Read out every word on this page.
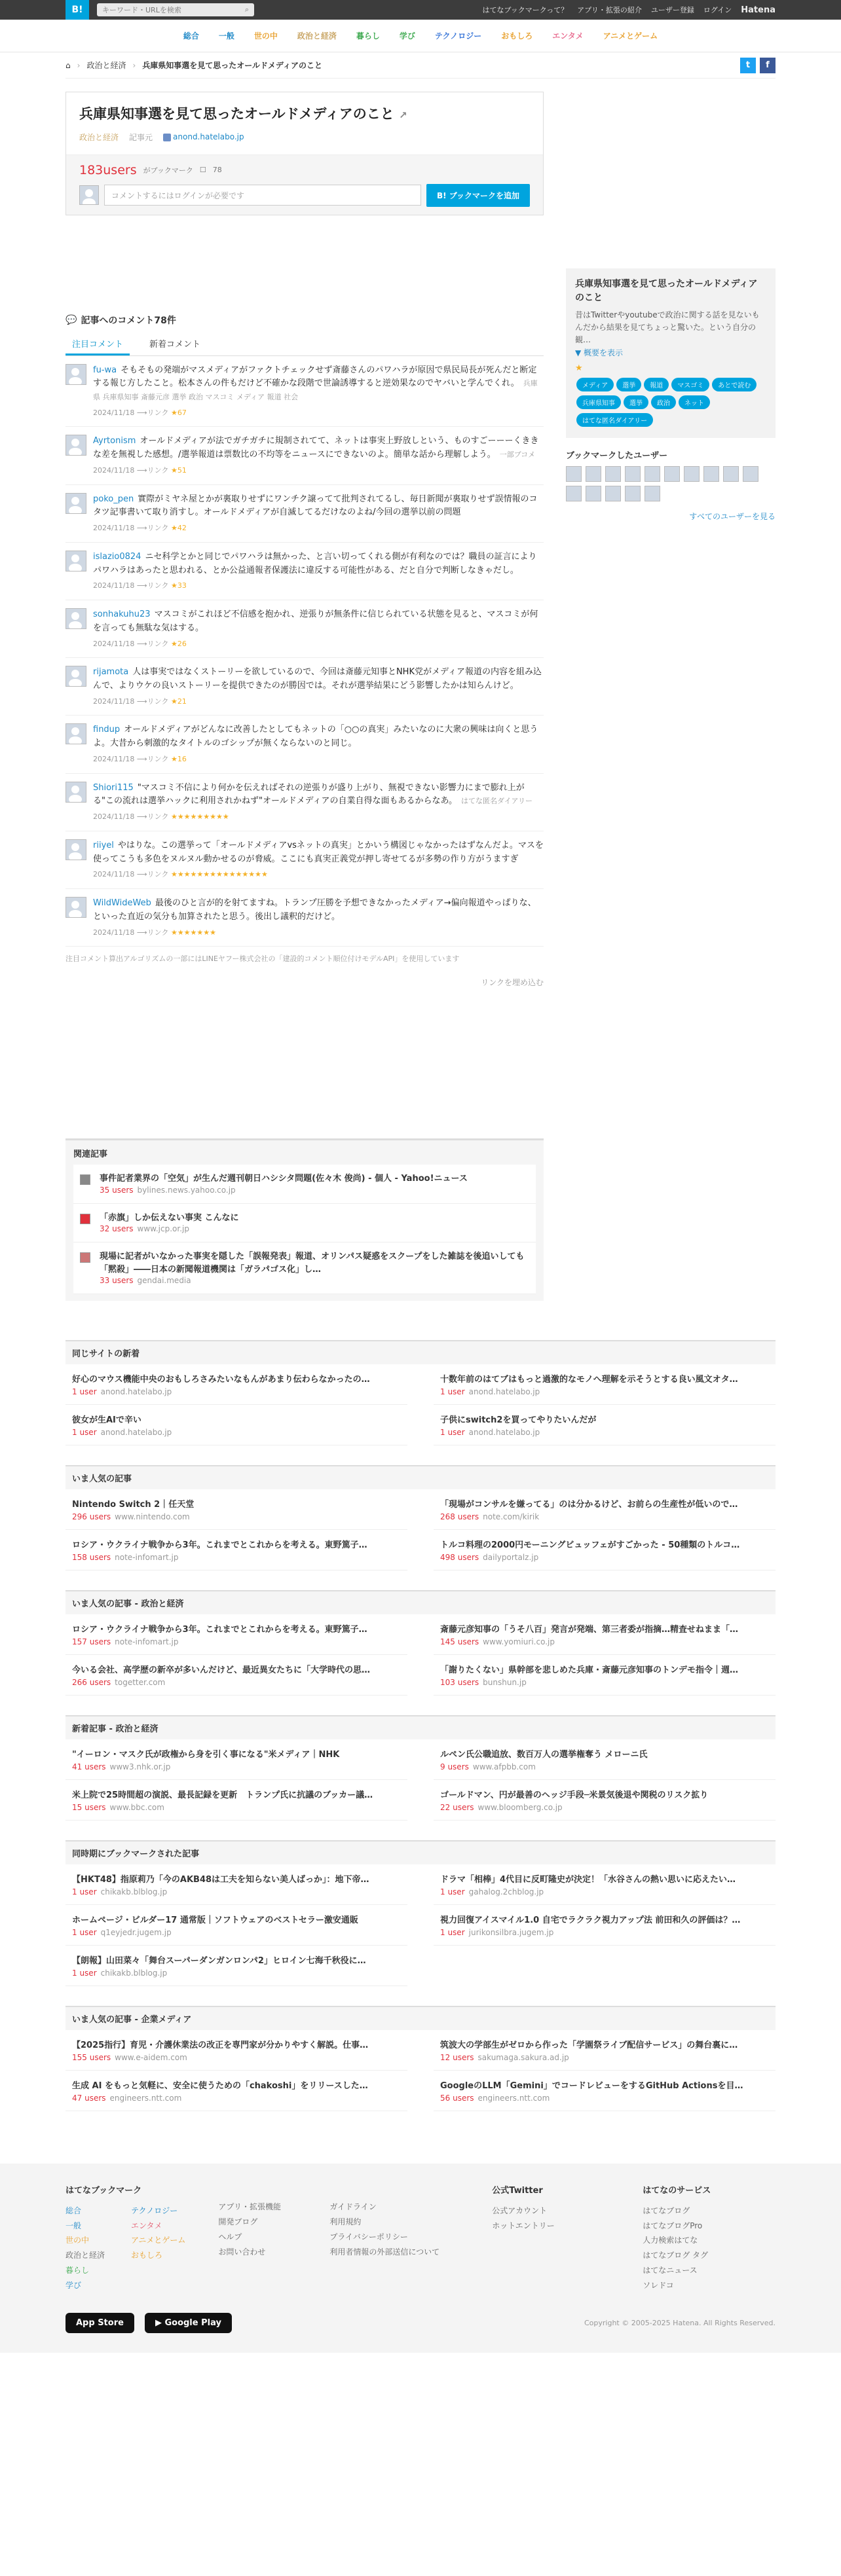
B!	キーワード・URLを検索	⌕	はてなブックマークって？ アプリ・拡張の紹介 ユーザー登録 ログイン Hatena
総合	一般	世の中	政治と経済	暮らし	学び	テクノロジー	おもしろ	エンタメ	アニメとゲーム
⌂ › 政治と経済 › 兵庫県知事選を見て思ったオールドメディアのこと	t	f
兵庫県知事選を見て思ったオールドメディアのこと ↗
政治と経済 記事元	anond.hatelabo.jp
183users がブックマーク ☐ 78
コメントするにはログインが必要です	B! ブックマークを追加
💬 記事へのコメント78件
注目コメント	新着コメント
fu-wa そもそもの発端がマスメディアがファクトチェックせず斎藤さんのパワハラが原因で県民局長が死んだと断定する報じ方したこと。松本さんの件もだけど不確かな段階で世論誘導すると逆効果なのでヤバいと学んでくれ。 兵庫県 兵庫県知事 斎藤元彦 選挙 政治 マスコミ メディア 報道 社会
2024/11/18 ⟶リンク ★67
Ayrtonism オールドメディアが法でガチガチに規制されてて、ネットは事実上野放しという、ものすごーーーくききな差を無視した感想。/選挙報道は票数比の不均等をニュースにできないのよ。簡単な話から理解しよう。 一部ブコメ
2024/11/18 ⟶リンク ★51
poko_pen 實際がミヤネ屋とかが裏取りせずにワンチク譲ってて批判されてるし、毎日新聞が裏取りせず誤情報のコタツ記事書いて取り消すし。オールドメディアが自滅してるだけなのよね/今回の選挙以前の問題
2024/11/18 ⟶リンク ★42
islazio0824 ニセ科学とかと同じでパワハラは無かった、と言い切ってくれる側が有利なのでは？職員の証言によりパワハラはあったと思われる、とか公益通報者保護法に違反する可能性がある、だと自分で判断しなきゃだし。
2024/11/18 ⟶リンク ★33
sonhakuhu23 マスコミがこれほど不信感を抱かれ、逆張りが無条件に信じられている状態を見ると、マスコミが何を言っても無駄な気はする。
2024/11/18 ⟶リンク ★26
rijamota 人は事実ではなくストーリーを欲しているので、今回は斎藤元知事とNHK党がメディア報道の内容を組み込んで、よりウケの良いストーリーを提供できたのが勝因では。それが選挙結果にどう影響したかは知らんけど。
2024/11/18 ⟶リンク ★21
findup オールドメディアがどんなに改善したとしてもネットの「○○の真実」みたいなのに大衆の興味は向くと思うよ。大昔から刺激的なタイトルのゴシップが無くならないのと同じ。
2024/11/18 ⟶リンク ★16
Shiori115 "マスコミ不信により何かを伝えればそれの逆張りが盛り上がり、無視できない影響力にまで膨れ上がる"この流れは選挙ハックに利用されかねず"オールドメディアの自業自得な面もあるからなあ。 はてな匿名ダイアリー
2024/11/18 ⟶リンク ★★★★★★★★★
riiyel やはりな。この選挙って「オールドメディアvsネットの真実」とかいう構図じゃなかったはずなんだよ。マスを使ってこうも多色をヌルヌル動かせるのが脅威。ここにも真実正義党が押し寄せてるが多勢の作り方がうますぎ
2024/11/18 ⟶リンク ★★★★★★★★★★★★★★★
WildWideWeb 最後のひと言が的を射てますね。トランプ圧勝を予想できなかったメディア→偏向報道やっぱりな、といった直近の気分も加算されたと思う。後出し議釈的だけど。
2024/11/18 ⟶リンク ★★★★★★★
注目コメント算出アルゴリズムの一部にはLINEヤフー株式会社の「建設的コメント順位付けモデルAPI」を使用しています
リンクを埋め込む
関連記事
事件記者業界の「空気」が生んだ週刊朝日ハシシタ問題(佐々木 俊尚) - 個人 - Yahoo!ニュース
35 users bylines.news.yahoo.co.jp
「赤旗」しか伝えない事実 こんなに
32 users www.jcp.or.jp
現場に記者がいなかった事実を隠した「誤報発表」報道、オリンパス疑惑をスクープをした雑誌を後追いしても「黙殺」――日本の新聞報道機関は「ガラパゴス化」し…
33 users gendai.media
兵庫県知事選を見て思ったオールドメディアのこと

昔はTwitterやyoutubeで政治に関する話を見ないもんだから結果を見てちょっと驚いた。という自分の観…

▼ 概要を表示
★
メディア 選挙 報道 マスゴミ あとで読む兵庫県知事 選挙 政治 ネットはてな匿名ダイアリー
ブックマークしたユーザー
すべてのユーザーを見る
同じサイトの新着
好心のマウス機能中央のおもしろさみたいなもんがあまり伝わらなかったの…
1 user anond.hatelabo.jp
十数年前のはてブはもっと過激的なモノへ理解を示そうとする良い風文オタ…
1 user anond.hatelabo.jp
彼女が生AIで辛い
1 user anond.hatelabo.jp
子供にswitch2を買ってやりたいんだが
1 user anond.hatelabo.jp
いま人気の記事
Nintendo Switch 2｜任天堂
296 users www.nintendo.com
「現場がコンサルを嫌ってる」のは分かるけど、お前らの生産性が低いので…
268 users note.com/kirik
ロシア・ウクライナ戦争から3年。これまでとこれからを考える。東野篤子…
158 users note-infomart.jp
トルコ料理の2000円モーニングビュッフェがすごかった - 50種類のトルコ…
498 users dailyportalz.jp
いま人気の記事 - 政治と経済
ロシア・ウクライナ戦争から3年。これまでとこれからを考える。東野篤子…
157 users note-infomart.jp
斎藤元彦知事の「うそ八百」発言が発端、第三者委が指摘…精査せねまま「…
145 users www.yomiuri.co.jp
今いる会社、高学歴の新卒が多いんだけど、最近異女たちに「大学時代の思…
266 users togetter.com
「謝りたくない」県幹部を悲しめた兵庫・斎藤元彦知事のトンデモ指令｜週…
103 users bunshun.jp
新着記事 - 政治と経済
"イーロン・マスク氏が政権から身を引く事になる"米メディア｜NHK
41 users www3.nhk.or.jp
ルペン氏公職追放、数百万人の選挙権奪う メローニ氏
9 users www.afpbb.com
米上院で25時間超の演説、最長記録を更新　トランプ氏に抗議のブッカー議…
15 users www.bbc.com
ゴールドマン、円が最善のヘッジ手段─米景気後退や関税のリスク拡り
22 users www.bloomberg.co.jp
同時期にブックマークされた記事
【HKT48】指原莉乃「今のAKB48は工夫を知らない美人ばっか」：地下帝…
1 user chikakb.blblog.jp
ドラマ「相棒」4代目に反町隆史が決定！「水谷さんの熱い思いに応えたい…
1 user gahalog.2chblog.jp
ホームページ・ビルダー17 通常版｜ソフトウェアのベストセラー激安通販
1 user q1eyjedr.jugem.jp
視力回復アイスマイル1.0 自宅でラクラク視力アップ法 前田和久の評価は？…
1 user jurikonsilbra.jugem.jp
【朗報】山田菜々「舞台スーパーダンガンロンパ2」ヒロイン七海千秋役に…
1 user chikakb.blblog.jp
いま人気の記事 - 企業メディア
【2025指行】育児・介護休業法の改正を専門家が分かりやすく解説。仕事…
155 users www.e-aidem.com
筑波大の学部生がゼロから作った「学園祭ライブ配信サービス」の舞台裏に…
12 users sakumaga.sakura.ad.jp
生成 AI をもっと気軽に、安全に使うための「chakoshi」をリリースした…
47 users engineers.ntt.com
GoogleのLLM「Gemini」でコードレビューをするGitHub Actionsを目…
56 users engineers.ntt.com
はてなブックマーク
総合
一般
世の中
政治と経済
暮らし
学び
テクノロジー
エンタメ
アニメとゲーム
おもしろ
アプリ・拡張機能
開発ブログ
ヘルプ
お問い合わせ
ガイドライン
利用規約
プライバシーポリシー
利用者情報の外部送信について
公式Twitter
公式アカウント
ホットエントリー
はてなのサービス
はてなブログ
はてなブログPro
人力検索はてな
はてなブログ タグ
はてなニュース
ソレドコ
App Store	▶ Google Play	Copyright © 2005-2025 Hatena. All Rights Reserved.
